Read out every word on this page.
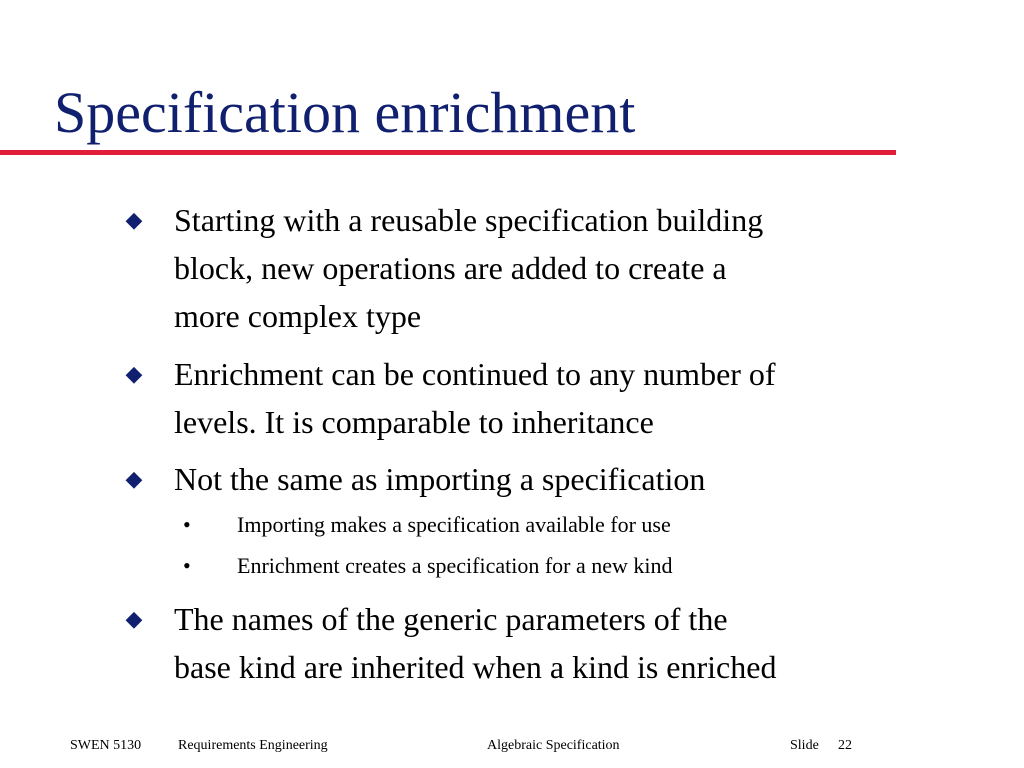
Specification enrichment
◆ Starting with a reusable specification building
block, new operations are added to create a
more complex type
◆ Enrichment can be continued to any number of
levels. It is comparable to inheritance
◆ Not the same as importing a specification
• Importing makes a specification available for use
• Enrichment creates a specification for a new kind
◆ The names of the generic parameters of the
base kind are inherited when a kind is enriched
SWEN 5130	Requirements Engineering	Algebraic Specification	Slide 22
